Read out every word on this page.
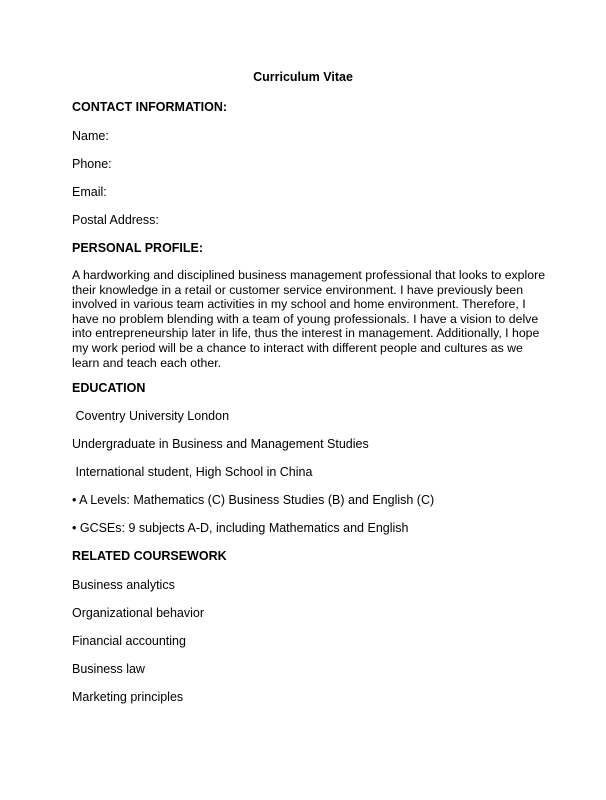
Curriculum Vitae
CONTACT INFORMATION:
Name:
Phone:
Email:
Postal Address:
PERSONAL PROFILE:
A hardworking and disciplined business management professional that looks to explore
their knowledge in a retail or customer service environment. I have previously been
involved in various team activities in my school and home environment. Therefore, I
have no problem blending with a team of young professionals. I have a vision to delve
into entrepreneurship later in life, thus the interest in management. Additionally, I hope
my work period will be a chance to interact with different people and cultures as we
learn and teach each other.
EDUCATION
Coventry University London
Undergraduate in Business and Management Studies
International student, High School in China
• A Levels: Mathematics (C) Business Studies (B) and English (C)
• GCSEs: 9 subjects A-D, including Mathematics and English
RELATED COURSEWORK
Business analytics
Organizational behavior
Financial accounting
Business law
Marketing principles
